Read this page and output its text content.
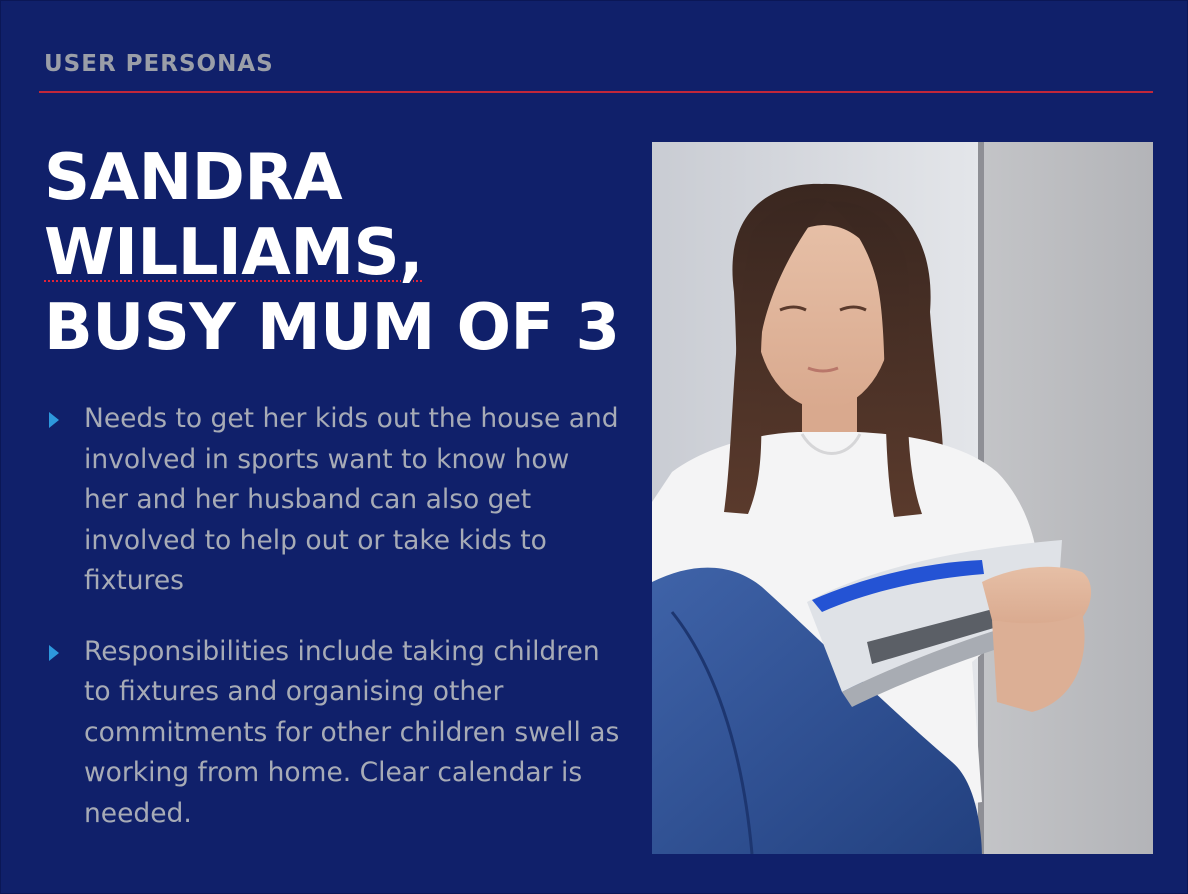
USER PERSONAS
SANDRA
WILLIAMS,
BUSY MUM OF 3
Needs to get her kids out the house and involved in sports want to know how her and her husband can also get involved to help out or take kids to fixtures
Responsibilities include taking children to fixtures and organising other commitments for other children swell as working from home. Clear calendar is needed.
